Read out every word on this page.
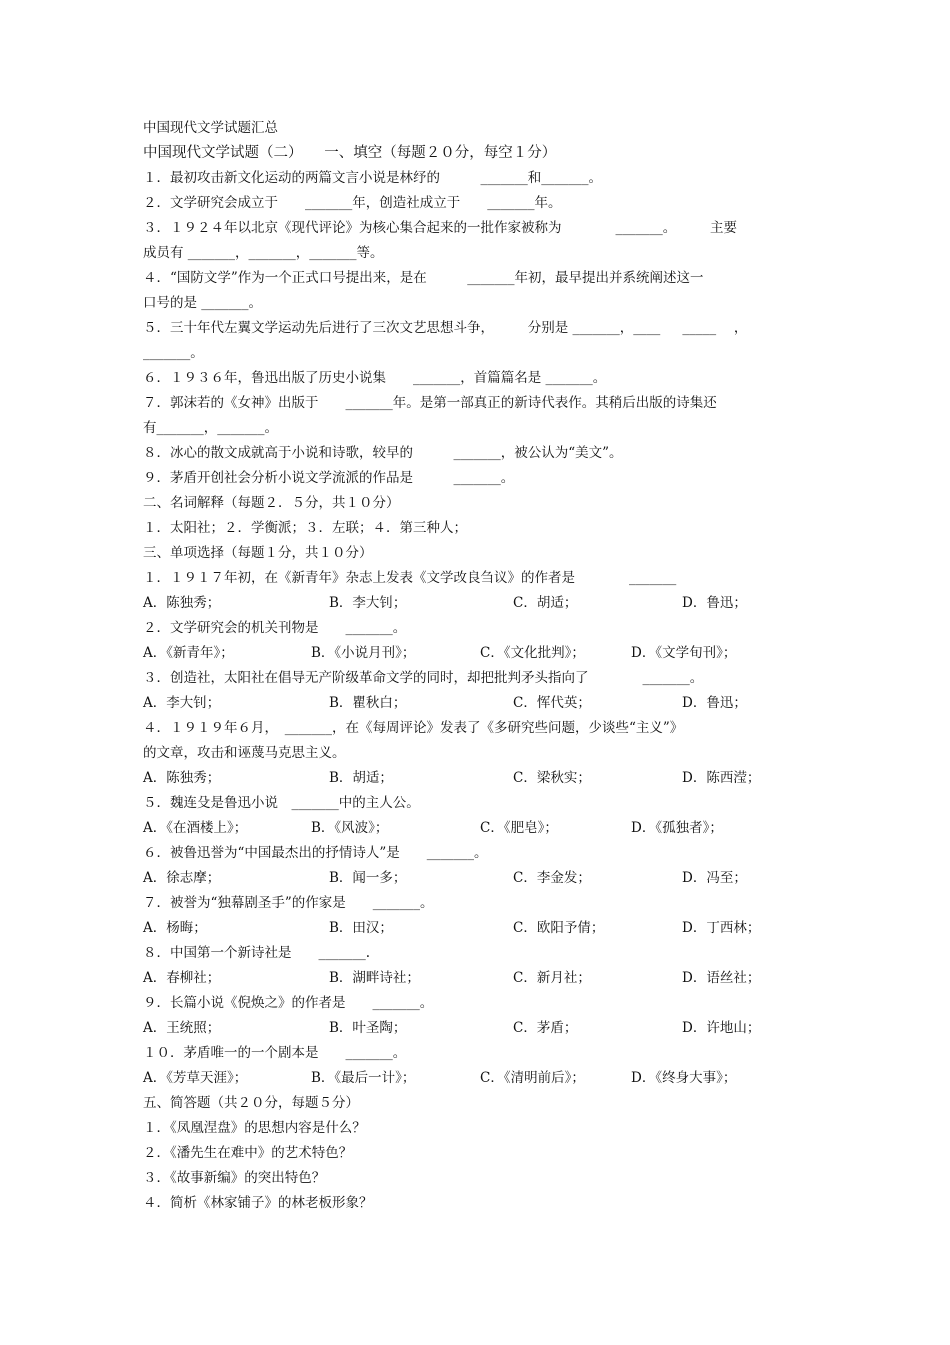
中国现代文学试题汇总
中国现代文学试题（二）　　一、填空（每题２０分，每空１分）
１．最初攻击新文化运动的两篇文言小说是林纾的　　　_______和_______。
２．文学研究会成立于　　_______年，创造社成立于　　_______年。
３．１９２４年以北京《现代评论》为核心集合起来的一批作家被称为　　　　_______。　　　主要
成员有 _______，_______，_______等。
４．“国防文学”作为一个正式口号提出来，是在　　　_______年初，最早提出并系统阐述这一
口号的是 _______。
５．三十年代左翼文学运动先后进行了三次文艺思想斗争，　　　分别是 _______，____ 　 _____　 ，
_______。
６．１９３６年，鲁迅出版了历史小说集　　_______，首篇篇名是 _______。
７．郭沫若的《女神》出版于　　_______年。是第一部真正的新诗代表作。其稍后出版的诗集还
有_______，_______。
８．冰心的散文成就高于小说和诗歌，较早的　　　_______，被公认为“美文”。
９．茅盾开创社会分析小说文学流派的作品是　　　_______。
二、名词解释（每题２．５分，共１０分）
１．太阳社；２．学衡派；３．左联；４．第三种人；
三、单项选择（每题１分，共１０分）
１．１９１７年初，在《新青年》杂志上发表《文学改良刍议》的作者是　　　　_______
A．陈独秀；	B．李大钊；	C．胡适；	D．鲁迅；
２．文学研究会的机关刊物是　　_______。
A．《新青年》；	B．《小说月刊》；	C．《文化批判》；	D．《文学旬刊》；
３．创造社，太阳社在倡导无产阶级革命文学的同时，却把批判矛头指向了　　　　_______。
A．李大钊；	B．瞿秋白；	C．恽代英；	D．鲁迅；
４．１９１９年６月，　_______，在《每周评论》发表了《多研究些问题，少谈些“主义”》
的文章，攻击和诬蔑马克思主义。
A．陈独秀；	B．胡适；	C．梁秋实；	D．陈西滢；
５．魏连殳是鲁迅小说　_______中的主人公。
A．《在酒楼上》；	B．《风波》；	C．《肥皂》；	D．《孤独者》；
６．被鲁迅誉为“中国最杰出的抒情诗人”是　　_______。
A．徐志摩；	B．闻一多；	C．李金发；	D．冯至；
７．被誉为“独幕剧圣手”的作家是　　_______。
A．杨晦；	B．田汉；	C．欧阳予倩；	D．丁西林；
８．中国第一个新诗社是　　_______.
A．春柳社；	B．湖畔诗社；	C．新月社；	D．语丝社；
９．长篇小说《倪焕之》的作者是　　_______。
A．王统照；	B．叶圣陶；	C．茅盾；	D．许地山；
１０．茅盾唯一的一个剧本是　　_______。
A．《芳草天涯》；	B．《最后一计》；	C．《清明前后》；	D．《终身大事》；
五、简答题（共２０分，每题５分）
１．《凤凰涅盘》的思想内容是什么？
２．《潘先生在难中》的艺术特色？
３．《故事新编》的突出特色？
４．简析《林家铺子》的林老板形象？
